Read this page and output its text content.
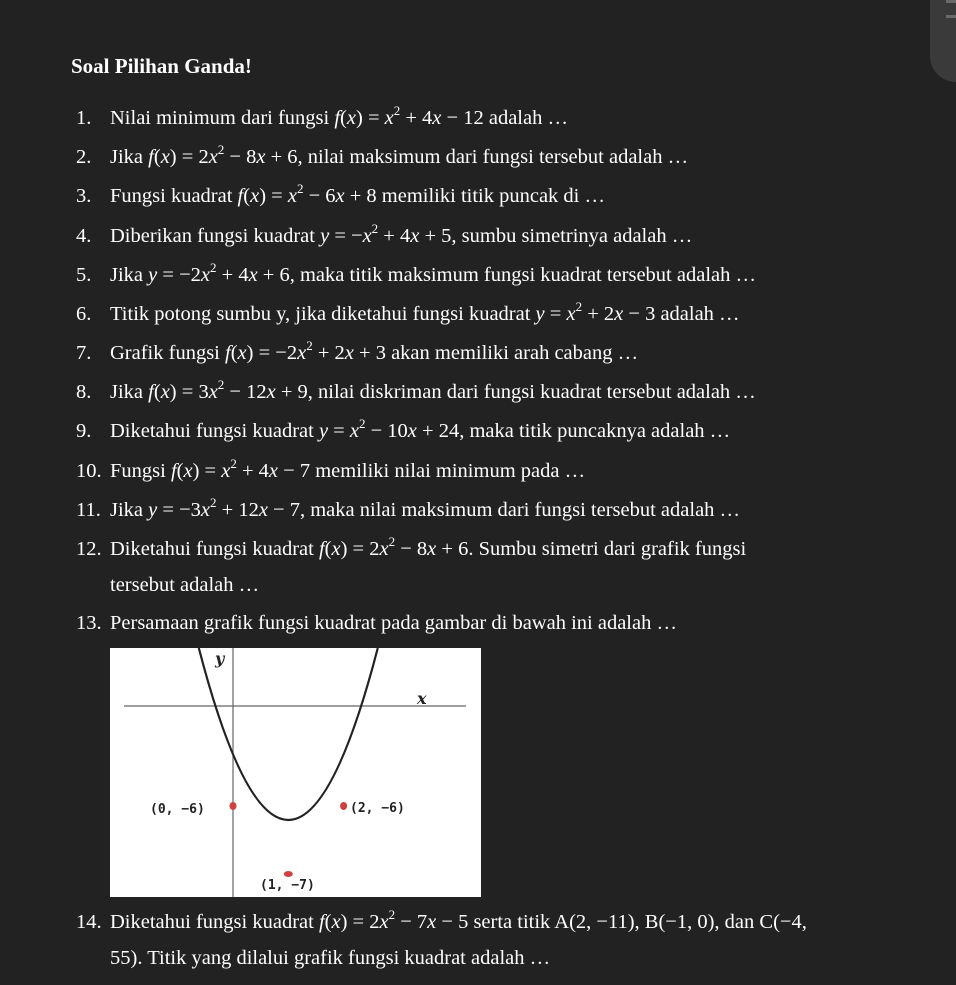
Soal Pilihan Ganda!
1. Nilai minimum dari fungsi $f(x) = x^2 + 4x - 12$ adalah …
2. Jika $f(x) = 2x^2 - 8x + 6$, nilai maksimum dari fungsi tersebut adalah …
3. Fungsi kuadrat $f(x) = x^2 - 6x + 8$ memiliki titik puncak di …
4. Diberikan fungsi kuadrat $y = -x^2 + 4x + 5$, sumbu simetrinya adalah …
5. Jika $y = -2x^2 + 4x + 6$, maka titik maksimum fungsi kuadrat tersebut adalah …
6. Titik potong sumbu y, jika diketahui fungsi kuadrat $y = x^2 + 2x - 3$ adalah …
7. Grafik fungsi $f(x) = -2x^2 + 2x + 3$ akan memiliki arah cabang …
8. Jika $f(x) = 3x^2 - 12x + 9$, nilai diskriman dari fungsi kuadrat tersebut adalah …
9. Diketahui fungsi kuadrat $y = x^2 - 10x + 24$, maka titik puncaknya adalah …
10. Fungsi $f(x) = x^2 + 4x - 7$ memiliki nilai minimum pada …
11. Jika $y = -3x^2 + 12x - 7$, maka nilai maksimum dari fungsi tersebut adalah …
12. Diketahui fungsi kuadrat $f(x) = 2x^2 - 8x + 6$. Sumbu simetri dari grafik fungsi
tersebut adalah …
13. Persamaan grafik fungsi kuadrat pada gambar di bawah ini adalah …
14. Diketahui fungsi kuadrat $f(x) = 2x^2 - 7x - 5$ serta titik A(2, −11), B(−1, 0), dan C(−4,
55). Titik yang dilalui grafik fungsi kuadrat adalah …
y
x
(0, −6)	(2, −6)
(1, −7)
